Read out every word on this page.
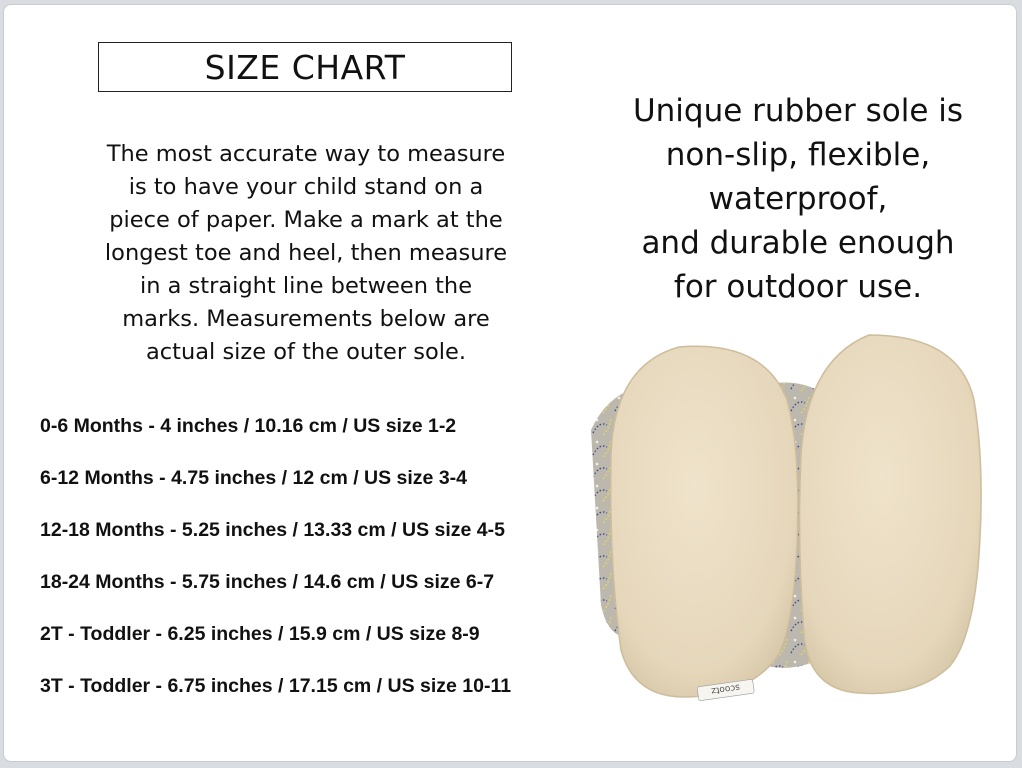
SIZE CHART
The most accurate way to measure
is to have your child stand on a
piece of paper. Make a mark at the
longest toe and heel, then measure
in a straight line between the
marks. Measurements below are
actual size of the outer sole.
Unique rubber sole is
non-slip, flexible,
waterproof,
and durable enough
for outdoor use.
0-6 Months - 4 inches / 10.16 cm / US size 1-2
6-12 Months - 4.75 inches / 12 cm / US size 3-4
12-18 Months - 5.25 inches / 13.33 cm / US size 4-5
18-24 Months - 5.75 inches / 14.6 cm / US size 6-7
2T - Toddler - 6.25 inches / 15.9 cm / US size 8-9
3T - Toddler - 6.75 inches / 17.15 cm / US size 10-11	scootz
